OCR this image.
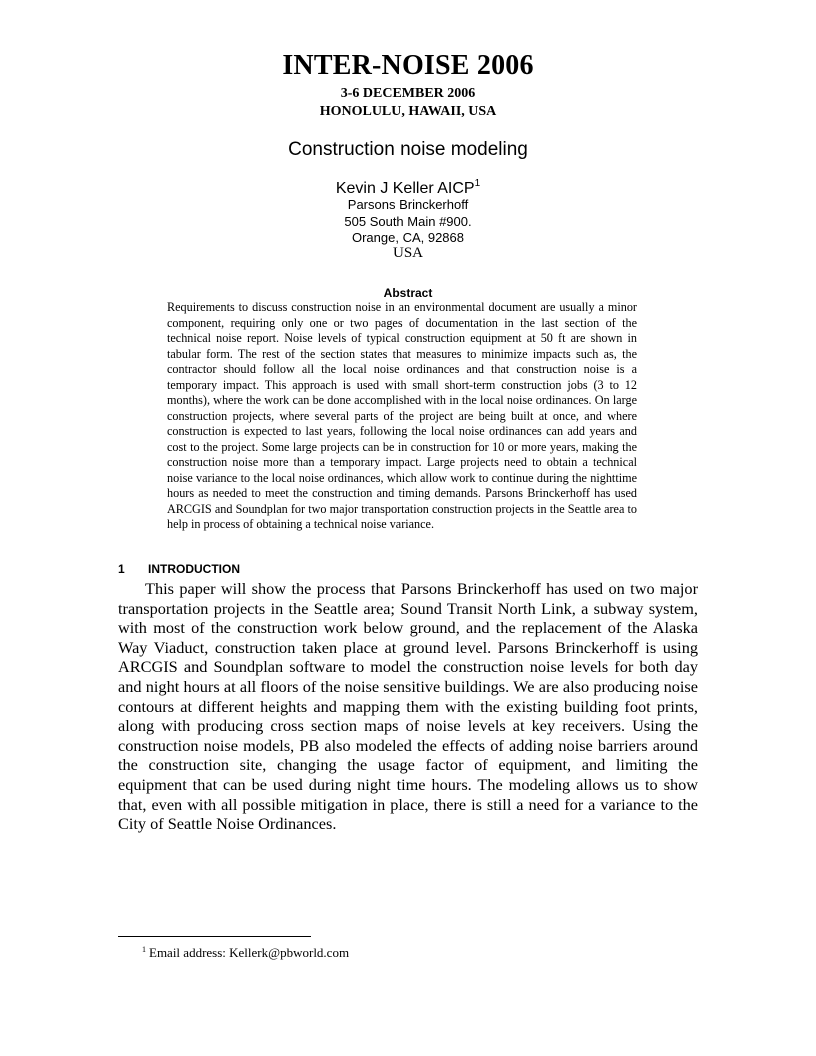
INTER-NOISE 2006
3-6 DECEMBER 2006
HONOLULU, HAWAII, USA
Construction noise modeling
Kevin J Keller AICP$^1$
Parsons Brinckerhoff
505 South Main #900.
Orange, CA, 92868
USA
Abstract

Requirements to discuss construction noise in an environmental document are usually a minor component, requiring only one or two pages of documentation in the last section of the technical noise report. Noise levels of typical construction equipment at 50 ft are shown in tabular form. The rest of the section states that measures to minimize impacts such as, the contractor should follow all the local noise ordinances and that construction noise is a temporary impact. This approach is used with small short-term construction jobs (3 to 12 months), where the work can be done accomplished with in the local noise ordinances. On large construction projects, where several parts of the project are being built at once, and where construction is expected to last years, following the local noise ordinances can add years and cost to the project. Some large projects can be in construction for 10 or more years, making the construction noise more than a temporary impact. Large projects need to obtain a technical noise variance to the local noise ordinances, which allow work to continue during the nighttime hours as needed to meet the construction and timing demands. Parsons Brinckerhoff has used ARCGIS and Soundplan for two major transportation construction projects in the Seattle area to help in process of obtaining a technical noise variance.

1 INTRODUCTION

This paper will show the process that Parsons Brinckerhoff has used on two major transportation projects in the Seattle area; Sound Transit North Link, a subway system, with most of the construction work below ground, and the replacement of the Alaska Way Viaduct, construction taken place at ground level. Parsons Brinckerhoff is using ARCGIS and Soundplan software to model the construction noise levels for both day and night hours at all floors of the noise sensitive buildings. We are also producing noise contours at different heights and mapping them with the existing building foot prints, along with producing cross section maps of noise levels at key receivers. Using the construction noise models, PB also modeled the effects of adding noise barriers around the construction site, changing the usage factor of equipment, and limiting the equipment that can be used during night time hours. The modeling allows us to show that, even with all possible mitigation in place, there is still a need for a variance to the City of Seattle Noise Ordinances.

$^1$ Email address: Kellerk@pbworld.com
